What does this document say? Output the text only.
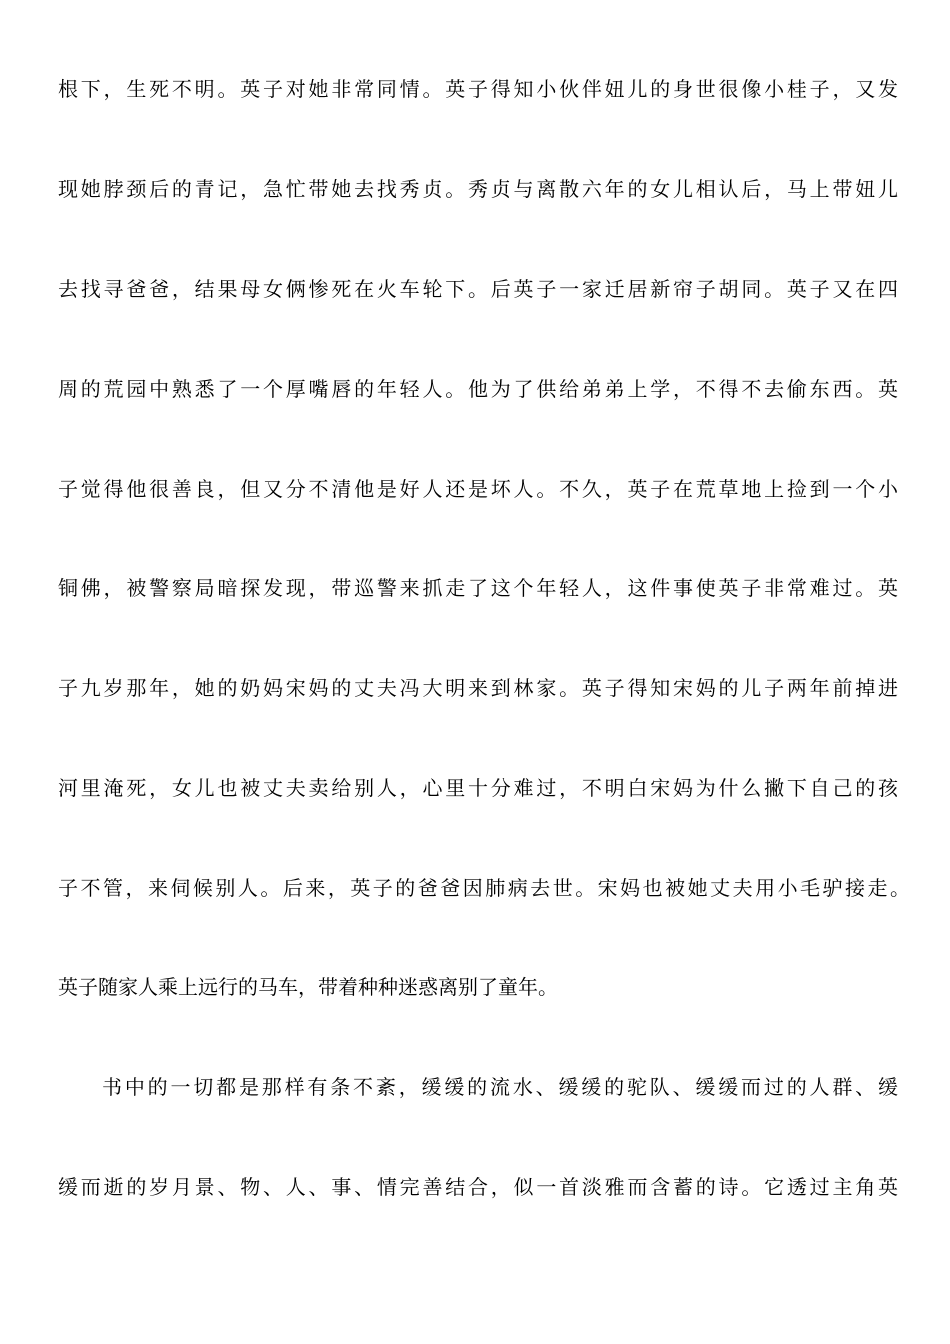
根下，生死不明。英子对她非常同情。英子得知小伙伴妞儿的身世很像小桂子，又发

现她脖颈后的青记，急忙带她去找秀贞。秀贞与离散六年的女儿相认后，马上带妞儿

去找寻爸爸，结果母女俩惨死在火车轮下。后英子一家迁居新帘子胡同。英子又在四

周的荒园中熟悉了一个厚嘴唇的年轻人。他为了供给弟弟上学，不得不去偷东西。英

子觉得他很善良，但又分不清他是好人还是坏人。不久，英子在荒草地上捡到一个小

铜佛，被警察局暗探发现，带巡警来抓走了这个年轻人，这件事使英子非常难过。英

子九岁那年，她的奶妈宋妈的丈夫冯大明来到林家。英子得知宋妈的儿子两年前掉进

河里淹死，女儿也被丈夫卖给别人，心里十分难过，不明白宋妈为什么撇下自己的孩

子不管，来伺候别人。后来，英子的爸爸因肺病去世。宋妈也被她丈夫用小毛驴接走。

英子随家人乘上远行的马车，带着种种迷惑离别了童年。

书中的一切都是那样有条不紊，缓缓的流水、缓缓的驼队、缓缓而过的人群、缓

缓而逝的岁月景、物、人、事、情完善结合，似一首淡雅而含蓄的诗。它透过主角英
